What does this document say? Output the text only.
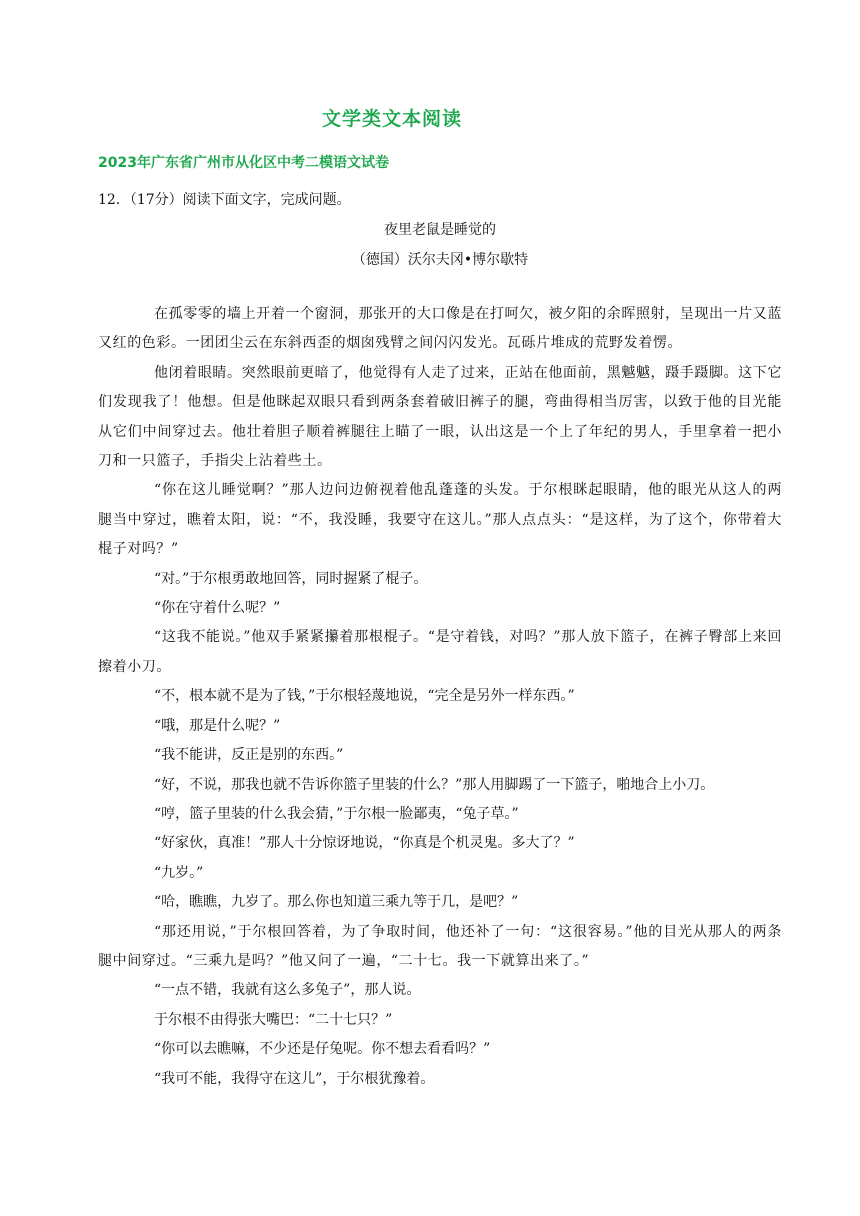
文学类文本阅读
2023年广东省广州市从化区中考二模语文试卷
12．（17分）阅读下面文字，完成问题。
夜里老鼠是睡觉的
（德国）沃尔夫冈•博尔歇特

在孤零零的墙上开着一个窗洞，那张开的大口像是在打呵欠，被夕阳的余晖照射，呈现出一片又蓝又红的色彩。一团团尘云在东斜西歪的烟囱残臂之间闪闪发光。瓦砾片堆成的荒野发着愣。

他闭着眼睛。突然眼前更暗了，他觉得有人走了过来，正站在他面前，黑魆魆，蹑手蹑脚。这下它们发现我了！他想。但是他眯起双眼只看到两条套着破旧裤子的腿，弯曲得相当厉害，以致于他的目光能从它们中间穿过去。他壮着胆子顺着裤腿往上瞄了一眼，认出这是一个上了年纪的男人，手里拿着一把小刀和一只篮子，手指尖上沾着些土。

“你在这儿睡觉啊？”那人边问边俯视着他乱蓬蓬的头发。于尔根眯起眼睛，他的眼光从这人的两腿当中穿过，瞧着太阳，说：“不，我没睡，我要守在这儿。”那人点点头：“是这样，为了这个，你带着大棍子对吗？”

“对。”于尔根勇敢地回答，同时握紧了棍子。

“你在守着什么呢？”

“这我不能说。”他双手紧紧攥着那根棍子。“是守着钱，对吗？”那人放下篮子，在裤子臀部上来回擦着小刀。

“不，根本就不是为了钱，”于尔根轻蔑地说，“完全是另外一样东西。”

“哦，那是什么呢？”

“我不能讲，反正是别的东西。”

“好，不说，那我也就不告诉你篮子里装的什么？”那人用脚踢了一下篮子，啪地合上小刀。

“哼，篮子里装的什么我会猜，”于尔根一脸鄙夷，“兔子草。”

“好家伙，真准！”那人十分惊讶地说，“你真是个机灵鬼。多大了？”

“九岁。”

“哈，瞧瞧，九岁了。那么你也知道三乘九等于几，是吧？”

“那还用说，”于尔根回答着，为了争取时间，他还补了一句：“这很容易。”他的目光从那人的两条腿中间穿过。“三乘九是吗？”他又问了一遍，“二十七。我一下就算出来了。”

“一点不错，我就有这么多兔子”，那人说。

于尔根不由得张大嘴巴：“二十七只？”

“你可以去瞧嘛，不少还是仔兔呢。你不想去看看吗？”

“我可不能，我得守在这儿”，于尔根犹豫着。
